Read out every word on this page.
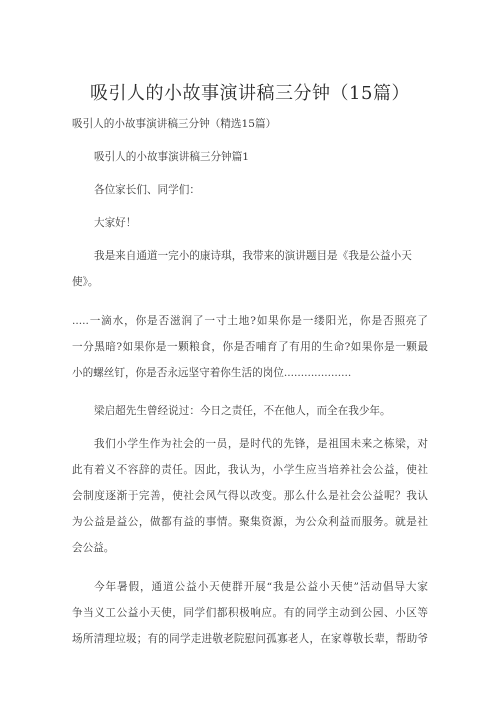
吸引人的小故事演讲稿三分钟（15篇）
吸引人的小故事演讲稿三分钟（精选15篇）
吸引人的小故事演讲稿三分钟篇1
各位家长们、同学们：
大家好！
我是来自通道一完小的康诗琪，我带来的演讲题目是《我是公益小天
使》。
.....一滴水，你是否滋润了一寸土地?如果你是一缕阳光，你是否照亮了
一分黑暗?如果你是一颗粮食，你是否哺育了有用的生命?如果你是一颗最
小的螺丝钉，你是否永远坚守着你生活的岗位....................
梁启超先生曾经说过：今日之责任，不在他人，而全在我少年。
我们小学生作为社会的一员，是时代的先锋，是祖国未来之栋梁，对
此有着义不容辞的责任。因此，我认为，小学生应当培养社会公益，使社
会制度逐渐于完善，使社会风气得以改变。那么什么是社会公益呢？我认
为公益是益公，做都有益的事情。聚集资源，为公众利益而服务。就是社
会公益。
今年暑假，通道公益小天使群开展“我是公益小天使”活动倡导大家
争当义工公益小天使，同学们都积极响应。有的同学主动到公园、小区等
场所清理垃圾；有的同学走进敬老院慰问孤寡老人，在家尊敬长辈，帮助爷
